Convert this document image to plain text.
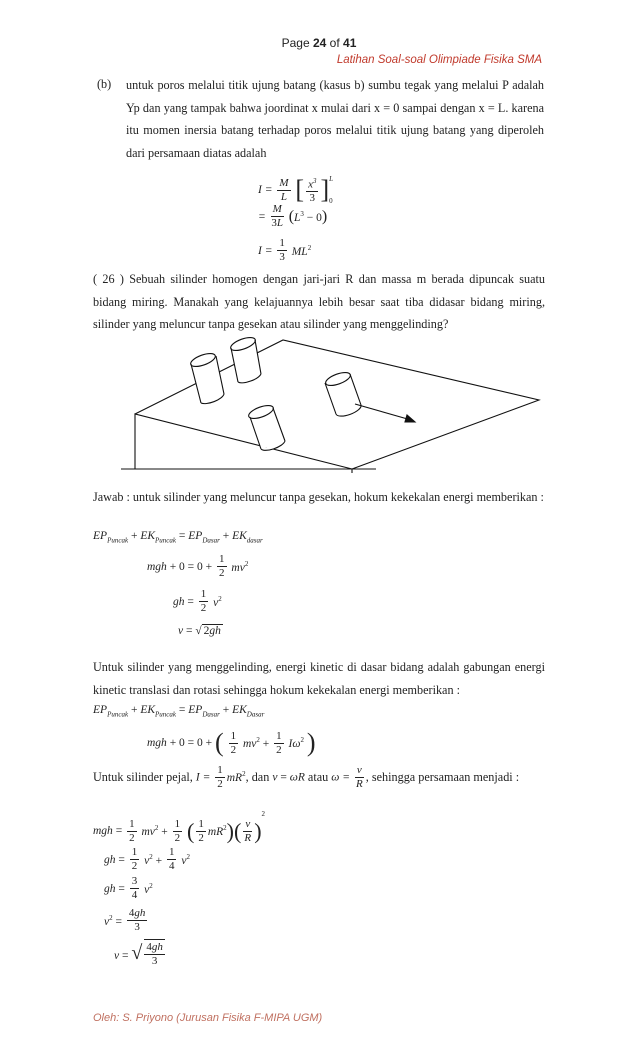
Page 24 of 41
Latihan Soal-soal Olimpiade Fisika SMA
(b) untuk poros melalui titik ujung batang (kasus b) sumbu tegak yang melalui P adalah Yp dan yang tampak bahwa joordinat x mulai dari x = 0 sampai dengan x = L. karena itu momen inersia batang terhadap poros melalui titik ujung batang yang diperoleh dari persamaan diatas adalah
$I = \frac{M}{L}$ [ $\frac{x^3}{3}$ ] L
0
= $\frac{M}{3L} (L^3 - 0)$
$I = \frac{1}{3} ML^2$
( 26 ) Sebuah silinder homogen dengan jari-jari R dan massa m berada dipuncak suatu bidang miring. Manakah yang kelajuannya lebih besar saat tiba didasar bidang miring, silinder yang meluncur tanpa gesekan atau silinder yang menggelinding?
Jawab : untuk silinder yang meluncur tanpa gesekan, hokum kekekalan energi memberikan :
$EP_{Puncak} + EK_{Puncak} = EP_{Dasar} + EK_{dasar}$
mgh + $0 = 0 + \frac{1}{2} mv^2$
gh = $\frac{1}{2} v^2$
v = √ 2gh
Untuk silinder yang menggelinding, energi kinetic di dasar bidang adalah gabungan energi kinetic translasi dan rotasi sehingga hokum kekekalan energi memberikan :
$EP_{Puncak} + EK_{Puncak} = EP_{Dasar} + EK_{Dasar}$
mgh + 0 = 0 + ( $\frac{1}{2} mv^2 + \frac{1}{2} I\omega^2$ )
Untuk silinder pejal, $I = \frac{1}{2} mR^2$, dan v = ωR atau $\omega = \frac{v}{R}$ , sehingga persamaan menjadi :
mgh = $\frac{1}{2} mv^2 + \frac{1}{2}$ ( $\frac{1}{2} mR^2)( \frac{v}{R} )^2$
gh = $\frac{1}{2} v^2 + \frac{1}{4} v^2$
gh = $\frac{3}{4} v^2$
$v^2 = \frac{4gh}{3}$
v = √ $\frac{4gh}{3}$
Oleh: S. Priyono (Jurusan Fisika F-MIPA UGM)
